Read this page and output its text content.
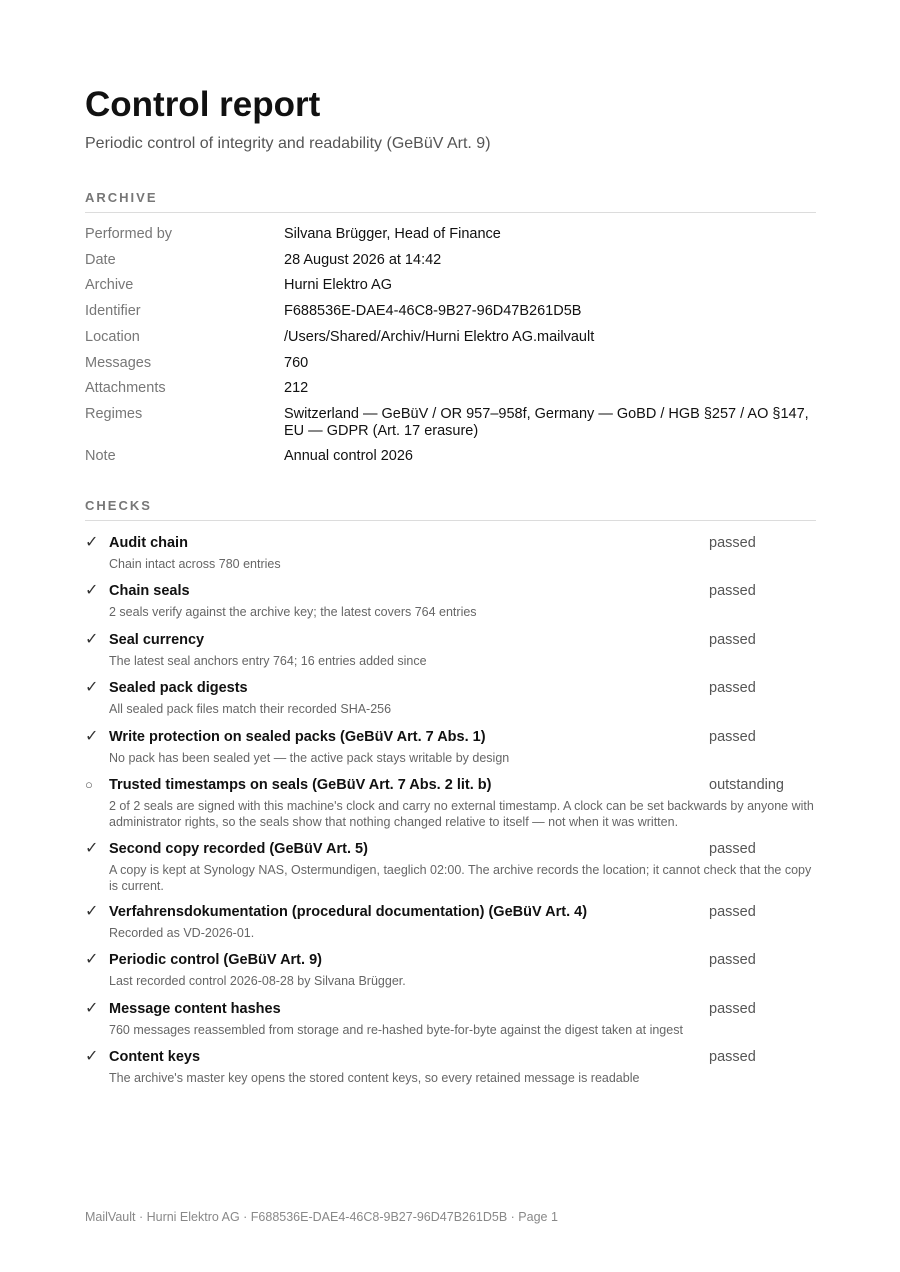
Control report
Periodic control of integrity and readability (GeBüV Art. 9)
ARCHIVE
Performed by	Silvana Brügger, Head of Finance
Date	28 August 2026 at 14:42
Archive	Hurni Elektro AG
Identifier	F688536E-DAE4-46C8-9B27-96D47B261D5B
Location	/Users/Shared/Archiv/Hurni Elektro AG.mailvault
Messages	760
Attachments	212
Regimes	Switzerland — GeBüV / OR 957–958f, Germany — GoBD / HGB §257 / AO §147, EU — GDPR (Art. 17 erasure)
Note	Annual control 2026
CHECKS
✓ Audit chain	passed
Chain intact across 780 entries
✓ Chain seals	passed
2 seals verify against the archive key; the latest covers 764 entries
✓ Seal currency	passed
The latest seal anchors entry 764; 16 entries added since
✓ Sealed pack digests	passed
All sealed pack files match their recorded SHA-256
✓ Write protection on sealed packs (GeBüV Art. 7 Abs. 1)	passed
No pack has been sealed yet — the active pack stays writable by design
○	Trusted timestamps on seals (GeBüV Art. 7 Abs. 2 lit. b)	outstanding
2 of 2 seals are signed with this machine's clock and carry no external timestamp. A clock can be set backwards by anyone with administrator rights, so the seals show that nothing changed relative to itself — not when it was written.
✓ Second copy recorded (GeBüV Art. 5)	passed
A copy is kept at Synology NAS, Ostermundigen, taeglich 02:00. The archive records the location; it cannot check that the copy is current.
✓ Verfahrensdokumentation (procedural documentation) (GeBüV Art. 4)	passed
Recorded as VD-2026-01.
✓ Periodic control (GeBüV Art. 9)	passed
Last recorded control 2026-08-28 by Silvana Brügger.
✓ Message content hashes	passed
760 messages reassembled from storage and re-hashed byte-for-byte against the digest taken at ingest
✓ Content keys	passed
The archive's master key opens the stored content keys, so every retained message is readable
MailVault · Hurni Elektro AG · F688536E-DAE4-46C8-9B27-96D47B261D5B · Page 1
